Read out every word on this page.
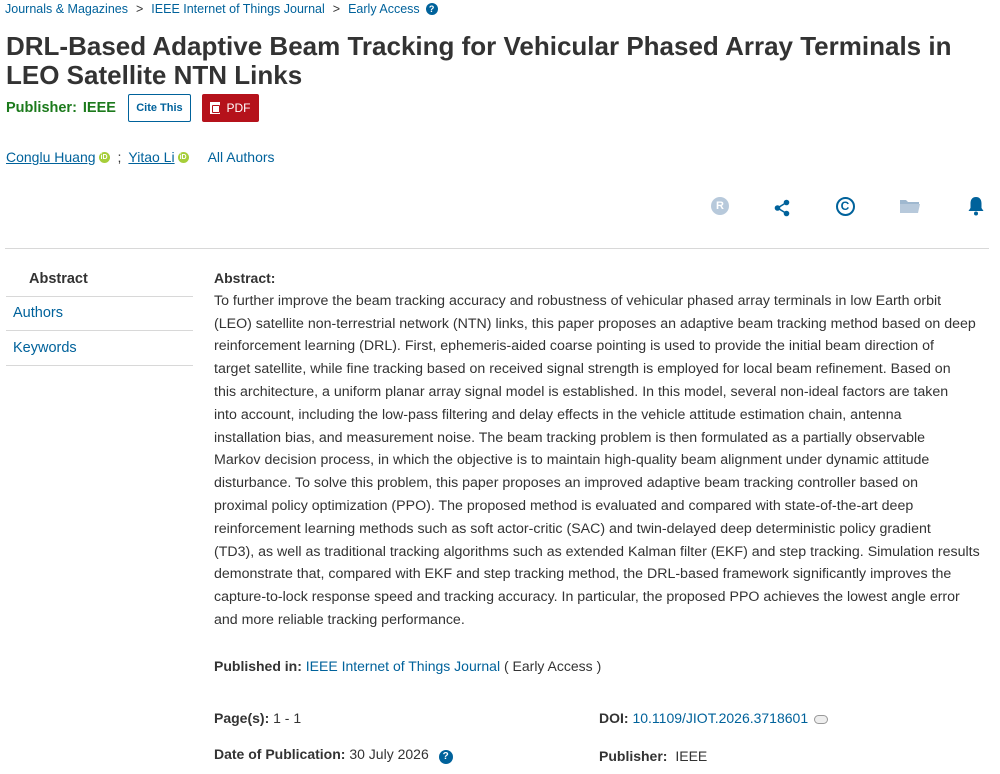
Journals & Magazines > IEEE Internet of Things Journal > Early Access	?
DRL-Based Adaptive Beam Tracking for Vehicular Phased Array Terminals in LEO Satellite NTN Links
Publisher: IEEE Cite This	PDF
Conglu Huang iD ; Yitao Li iD All Authors
R	C
Abstract
Authors
Keywords
Abstract:
To further improve the beam tracking accuracy and robustness of vehicular phased array terminals in low Earth orbit
(LEO) satellite non-terrestrial network (NTN) links, this paper proposes an adaptive beam tracking method based on deep
reinforcement learning (DRL). First, ephemeris-aided coarse pointing is used to provide the initial beam direction of
target satellite, while fine tracking based on received signal strength is employed for local beam refinement. Based on
this architecture, a uniform planar array signal model is established. In this model, several non-ideal factors are taken
into account, including the low-pass filtering and delay effects in the vehicle attitude estimation chain, antenna
installation bias, and measurement noise. The beam tracking problem is then formulated as a partially observable
Markov decision process, in which the objective is to maintain high-quality beam alignment under dynamic attitude
disturbance. To solve this problem, this paper proposes an improved adaptive beam tracking controller based on
proximal policy optimization (PPO). The proposed method is evaluated and compared with state-of-the-art deep
reinforcement learning methods such as soft actor-critic (SAC) and twin-delayed deep deterministic policy gradient
(TD3), as well as traditional tracking algorithms such as extended Kalman filter (EKF) and step tracking. Simulation results
demonstrate that, compared with EKF and step tracking method, the DRL-based framework significantly improves the
capture-to-lock response speed and tracking accuracy. In particular, the proposed PPO achieves the lowest angle error
and more reliable tracking performance.
Published in: IEEE Internet of Things Journal ( Early Access )
Page(s): 1 - 1	DOI: 10.1109/JIOT.2026.3718601
Date of Publication: 30 July 2026 ?	Publisher: IEEE
